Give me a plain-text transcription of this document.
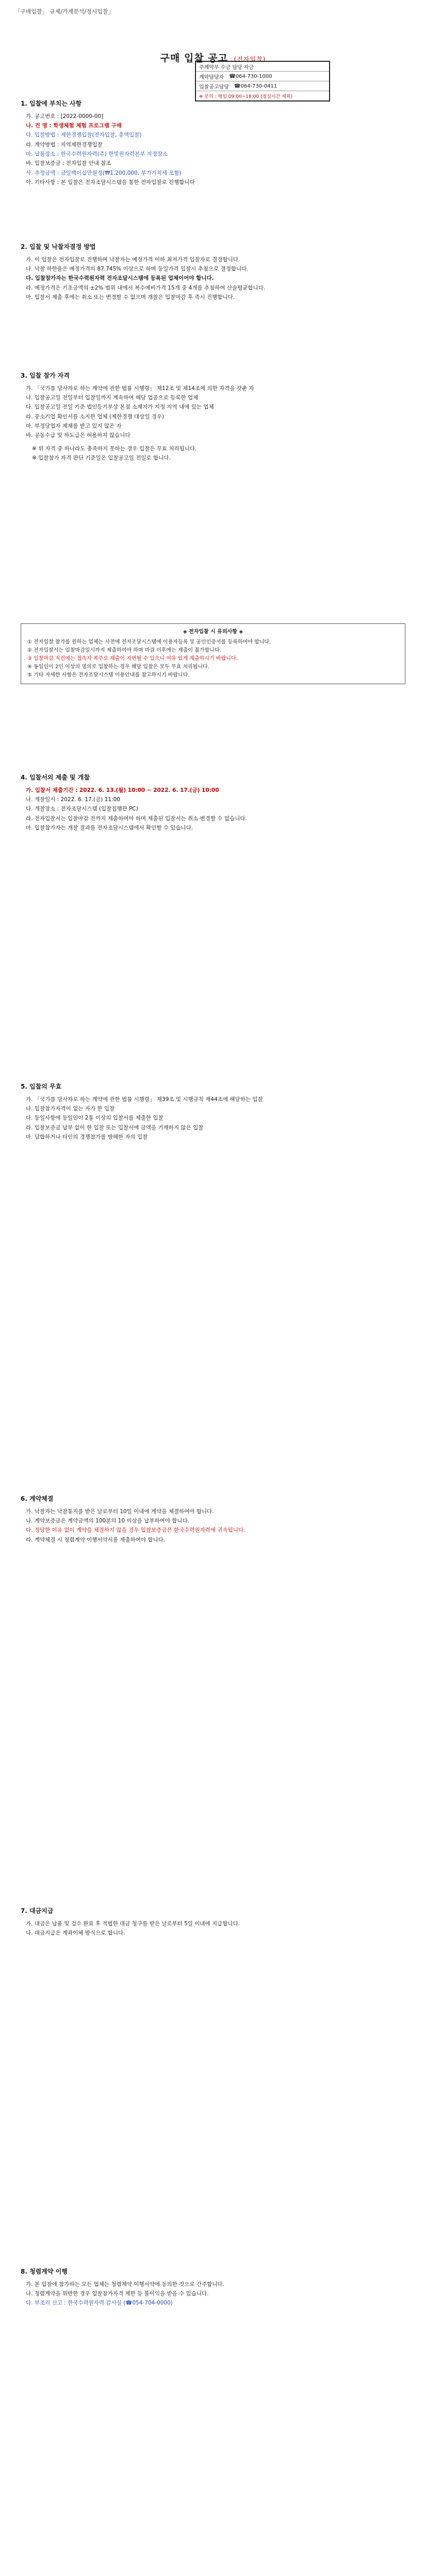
「구매입찰」 규제/가계분석/정시입찰」
구매 입찰 공고 (전자입찰)
주계약부 수금 담당 자금
계약담당자 ☎064-730-1000
입찰공고담당 ☎064-730-0411
※ 문의 : 평일 09:00~18:00 (점심시간 제외)
1. 입찰에 부치는 사항
가. 공고번호 : [2022-0000-00]
나. 건 명 : 학생체험 체험 프로그램 구매
다. 입찰방법 : 제한경쟁입찰(전자입찰, 총액입찰)
라. 계약방법 : 지역제한경쟁입찰
마. 납품장소 : 한국수력원자력(주) 한빛원자력본부 지정장소
바. 입찰보증금 : 전자입찰 안내 참조
사. 추정금액 : 금일백이십만원정(₩1,200,000, 부가가치세 포함)
아. 기타사항 : 본 입찰은 전자조달시스템을 통한 전자입찰로 진행합니다
2. 입찰 및 낙찰자결정 방법
가. 이 입찰은 전자입찰로 진행하며 낙찰자는 예정가격 이하 최저가격 입찰자로 결정합니다.
나. 낙찰 하한율은 예정가격의 87.745% 이상으로 하며 동일가격 입찰시 추첨으로 결정합니다.
다. 입찰참가자는 한국수력원자력 전자조달시스템에 등록된 업체이어야 합니다.
라. 예정가격은 기초금액의 ±2% 범위 내에서 복수예비가격 15개 중 4개를 추첨하여 산술평균합니다.
마. 입찰서 제출 후에는 취소 또는 변경할 수 없으며 개찰은 입찰마감 후 즉시 진행합니다.
3. 입찰 참가 자격
가. 「국가를 당사자로 하는 계약에 관한 법률 시행령」 제12조 및 제14조에 의한 자격을 갖춘 자
나. 입찰공고일 전일부터 입찰일까지 계속하여 해당 업종으로 등록한 업체
다. 입찰공고일 전일 기준 법인등기부상 본점 소재지가 지정 지역 내에 있는 업체
라. 중소기업 확인서를 소지한 업체 (제한경쟁 대상일 경우)
마. 부정당업자 제재를 받고 있지 않은 자
바. 공동수급 및 하도급은 허용하지 않습니다
※ 위 자격 중 하나라도 충족하지 못하는 경우 입찰은 무효 처리됩니다.
※ 입찰참가 자격 판단 기준일은 입찰공고일 전일로 합니다.
◈ 전자입찰 시 유의사항 ◈
① 전자입찰 참가를 원하는 업체는 사전에 전자조달시스템에 이용자등록 및 공인인증서를 등록하여야 합니다.
② 전자입찰서는 입찰마감일시까지 제출하여야 하며 마감 이후에는 제출이 불가합니다.
③ 입찰마감 직전에는 접속자 폭주로 제출이 지연될 수 있으니 여유 있게 제출하시기 바랍니다.
④ 동일인이 2인 이상의 명의로 입찰하는 경우 해당 입찰은 모두 무효 처리됩니다.
⑤ 기타 자세한 사항은 전자조달시스템 이용안내를 참고하시기 바랍니다.
4. 입찰서의 제출 및 개찰
가. 입찰서 제출기간 : 2022. 6. 13.(월) 10:00 ~ 2022. 6. 17.(금) 10:00
나. 개찰일시 : 2022. 6. 17.(금) 11:00
다. 개찰장소 : 전자조달시스템 (입찰집행관 PC)
라. 전자입찰서는 입찰마감 전까지 제출하여야 하며 제출된 입찰서는 취소·변경할 수 없습니다.
마. 입찰참가자는 개찰 결과를 전자조달시스템에서 확인할 수 있습니다.
5. 입찰의 무효
가. 「국가를 당사자로 하는 계약에 관한 법률 시행령」 제39조 및 시행규칙 제44조에 해당하는 입찰
나. 입찰참가자격이 없는 자가 한 입찰
다. 동일사항에 동일인이 2통 이상의 입찰서를 제출한 입찰
라. 입찰보증금 납부 없이 한 입찰 또는 입찰서에 금액을 기재하지 않은 입찰
마. 담합하거나 타인의 경쟁참가를 방해한 자의 입찰
6. 계약체결
가. 낙찰자는 낙찰통지를 받은 날로부터 10일 이내에 계약을 체결하여야 합니다.
나. 계약보증금은 계약금액의 100분의 10 이상을 납부하여야 합니다.
다. 정당한 이유 없이 계약을 체결하지 않을 경우 입찰보증금은 한국수력원자력에 귀속됩니다.
라. 계약체결 시 청렴계약 이행서약서를 제출하여야 합니다.
7. 대금지급
가. 대금은 납품 및 검수 완료 후 적법한 대금 청구를 받은 날로부터 5일 이내에 지급합니다.
나. 대금지급은 계좌이체 방식으로 합니다.
8. 청렴계약 이행
가. 본 입찰에 참가하는 모든 업체는 청렴계약 이행서약에 동의한 것으로 간주합니다.
나. 청렴계약을 위반한 경우 입찰참가자격 제한 등 불이익을 받을 수 있습니다.
다. 부조리 신고 : 한국수력원자력 감사실 (☎054-704-0000)
